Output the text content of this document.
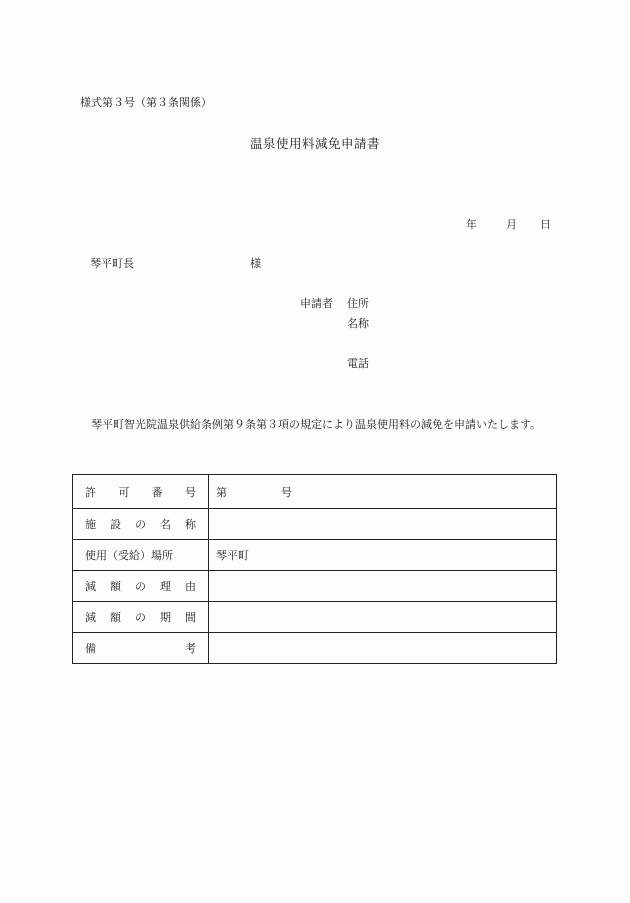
様式第３号（第３条関係）
温泉使用料減免申請書
年	月 日
琴平町長	様
申請者 住所
名称
電話
琴平町智光院温泉供給条例第９条第３項の規定により温泉使用料の減免を申請いたします。
許 可 番 号	第 号

施 設 の 名 称	

使用（受給）場所	琴平町

減 額 の 理 由	

減 額 の 期 間	

備 考	
